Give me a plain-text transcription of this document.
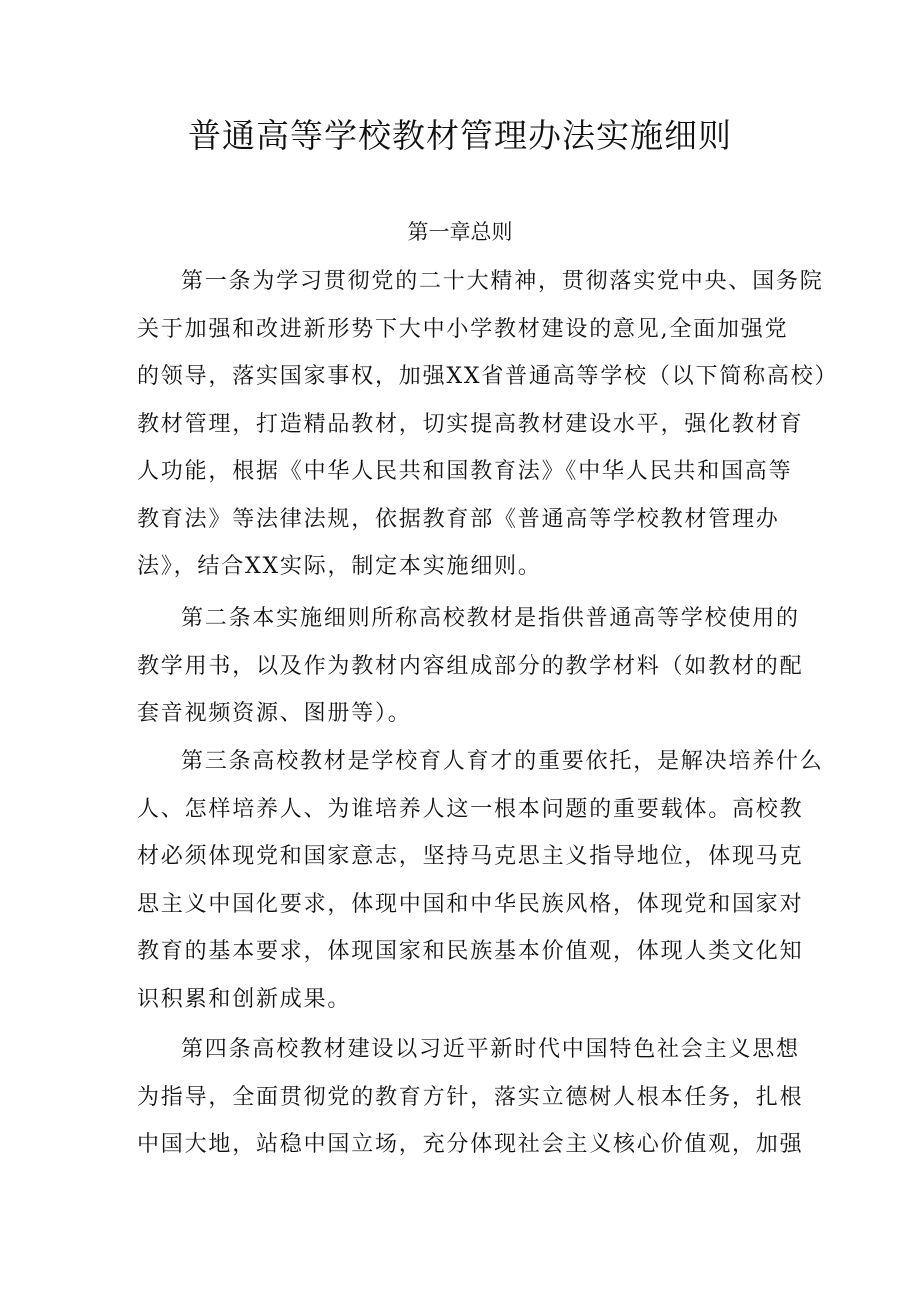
普通高等学校教材管理办法实施细则
第一章总则

第一条为学习贯彻党的二十大精神，贯彻落实党中央、国务院
关于加强和改进新形势下大中小学教材建设的意见,全面加强党
的领导，落实国家事权，加强XX省普通高等学校（以下简称高校）
教材管理，打造精品教材，切实提高教材建设水平，强化教材育
人功能，根据《中华人民共和国教育法》《中华人民共和国高等
教育法》等法律法规，依据教育部《普通高等学校教材管理办
法》，结合XX实际，制定本实施细则。

第二条本实施细则所称高校教材是指供普通高等学校使用的
教学用书，以及作为教材内容组成部分的教学材料（如教材的配
套音视频资源、图册等）。

第三条高校教材是学校育人育才的重要依托，是解决培养什么
人、怎样培养人、为谁培养人这一根本问题的重要载体。高校教
材必须体现党和国家意志，坚持马克思主义指导地位，体现马克
思主义中国化要求，体现中国和中华民族风格，体现党和国家对
教育的基本要求，体现国家和民族基本价值观，体现人类文化知
识积累和创新成果。

第四条高校教材建设以习近平新时代中国特色社会主义思想
为指导，全面贯彻党的教育方针，落实立德树人根本任务，扎根
中国大地，站稳中国立场，充分体现社会主义核心价值观，加强
